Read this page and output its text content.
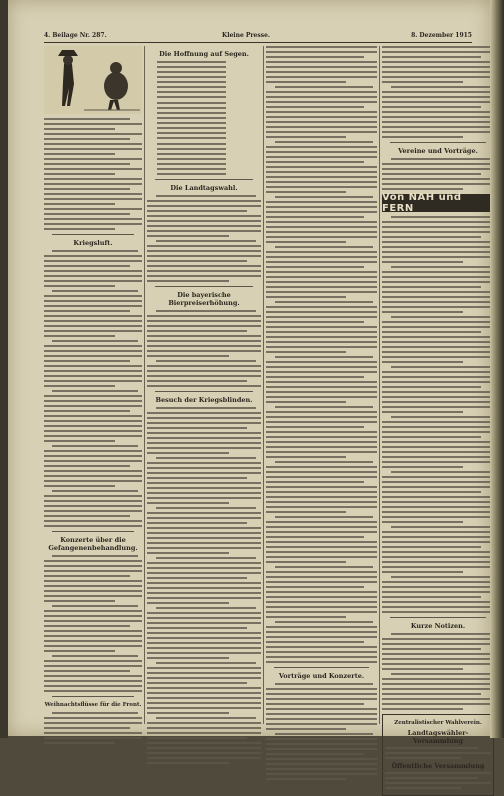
4. Beilage Nr. 287.	Kleine Presse.	8. Dezember 1915
Kriegsluft.
Konzerte über die Gefangenenbehandlung.
Weihnachtsflüsse für die Front.
Die Hoffnung auf Segen.
Die Landtagswahl.
Die bayerische Bierpreiserhöhung.
Besuch der Kriegsblinden.
Vorträge und Konzerte.
Vereine und Vorträge.
Von NAH und FERN
Kurze Notizen.
Zentralistischer Wahlverein.
Landtagswähler-Versammlung
Öffentliche Versammlung
